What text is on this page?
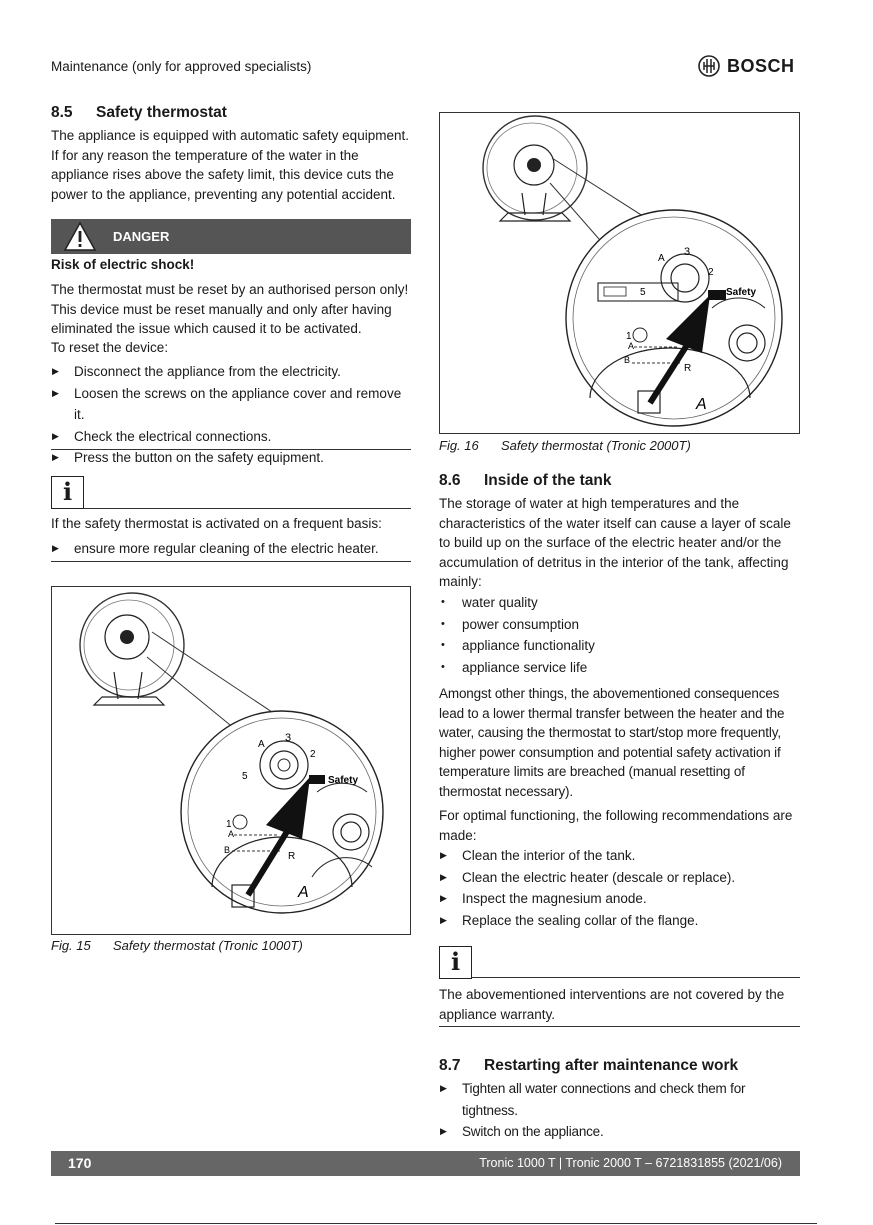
Maintenance (only for approved specialists)	BOSCH
8.5 Safety thermostat

The appliance is equipped with automatic safety equipment. If for any reason the temperature of the water in the appliance rises above the safety limit, this device cuts the power to the appliance, preventing any potential accident.

DANGER

Risk of electric shock!

The thermostat must be reset by an authorised person only! This device must be reset manually and only after having eliminated the issue which caused it to be activated.

To reset the device:

▶ Disconnect the appliance from the electricity.
▶ Loosen the screws on the appliance cover and remove it.
▶ Check the electrical connections.
▶ Press the button on the safety equipment.
i

If the safety thermostat is activated on a frequent basis:

▶ ensure more regular cleaning of the electric heater.
Safety
3
A
2
5
1
A
B
R
A
Fig. 15 Safety thermostat (Tronic 1000T)
Safety
3
A
2
5
1
A
B
R
A
Fig. 16 Safety thermostat (Tronic 2000T)
8.6 Inside of the tank

The storage of water at high temperatures and the characteristics of the water itself can cause a layer of scale to build up on the surface of the electric heater and/or the accumulation of detritus in the interior of the tank, affecting mainly:

• water quality
• power consumption
• appliance functionality
• appliance service life

Amongst other things, the abovementioned consequences lead to a lower thermal transfer between the heater and the water, causing the thermostat to start/stop more frequently, higher power consumption and potential safety activation if temperature limits are breached (manual resetting of thermostat necessary).

For optimal functioning, the following recommendations are made:

▶ Clean the interior of the tank.
▶ Clean the electric heater (descale or replace).
▶ Inspect the magnesium anode.
▶ Replace the sealing collar of the flange.
i

The abovementioned interventions are not covered by the appliance warranty.

8.7 Restarting after maintenance work
▶ Tighten all water connections and check them for tightness.
▶ Switch on the appliance.
170	Tronic 1000 T | Tronic 2000 T – 6721831855 (2021/06)
